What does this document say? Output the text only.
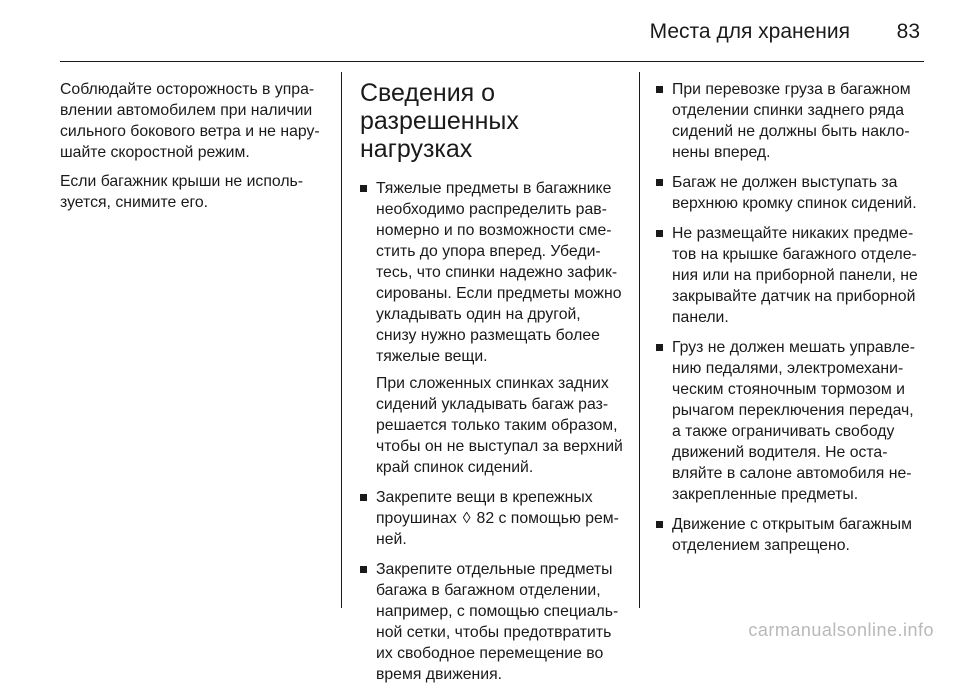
Места для хранения 83

Соблюдайте осторожность в упра-
влении автомобилем при наличии
сильного бокового ветра и не нару-
шайте скоростной режим.

Если багажник крыши не исполь-
зуется, снимите его.

Сведения о
разрешенных
нагрузках
Тяжелые предметы в багажнике
необходимо распределить рав-
номерно и по возможности сме-
стить до упора вперед. Убеди-
тесь, что спинки надежно зафик-
сированы. Если предметы можно
укладывать один на другой,
снизу нужно размещать более
тяжелые вещи.
При сложенных спинках задних
сидений укладывать багаж раз-
решается только таким образом,
чтобы он не выступал за верхний
край спинок сидений.
Закрепите вещи в крепежных
проушинах ◊ 82 с помощью рем-
ней.
Закрепите отдельные предметы
багажа в багажном отделении,
например, с помощью специаль-
ной сетки, чтобы предотвратить
их свободное перемещение во
время движения.
При перевозке груза в багажном
отделении спинки заднего ряда
сидений не должны быть накло-
нены вперед.
Багаж не должен выступать за
верхнюю кромку спинок сидений.
Не размещайте никаких предме-
тов на крышке багажного отделе-
ния или на приборной панели, не
закрывайте датчик на приборной
панели.
Груз не должен мешать управле-
нию педалями, электромехани-
ческим стояночным тормозом и
рычагом переключения передач,
а также ограничивать свободу
движений водителя. Не оста-
вляйте в салоне автомобиля не-
закрепленные предметы.
Движение с открытым багажным
отделением запрещено.
carmanualsonline.info
